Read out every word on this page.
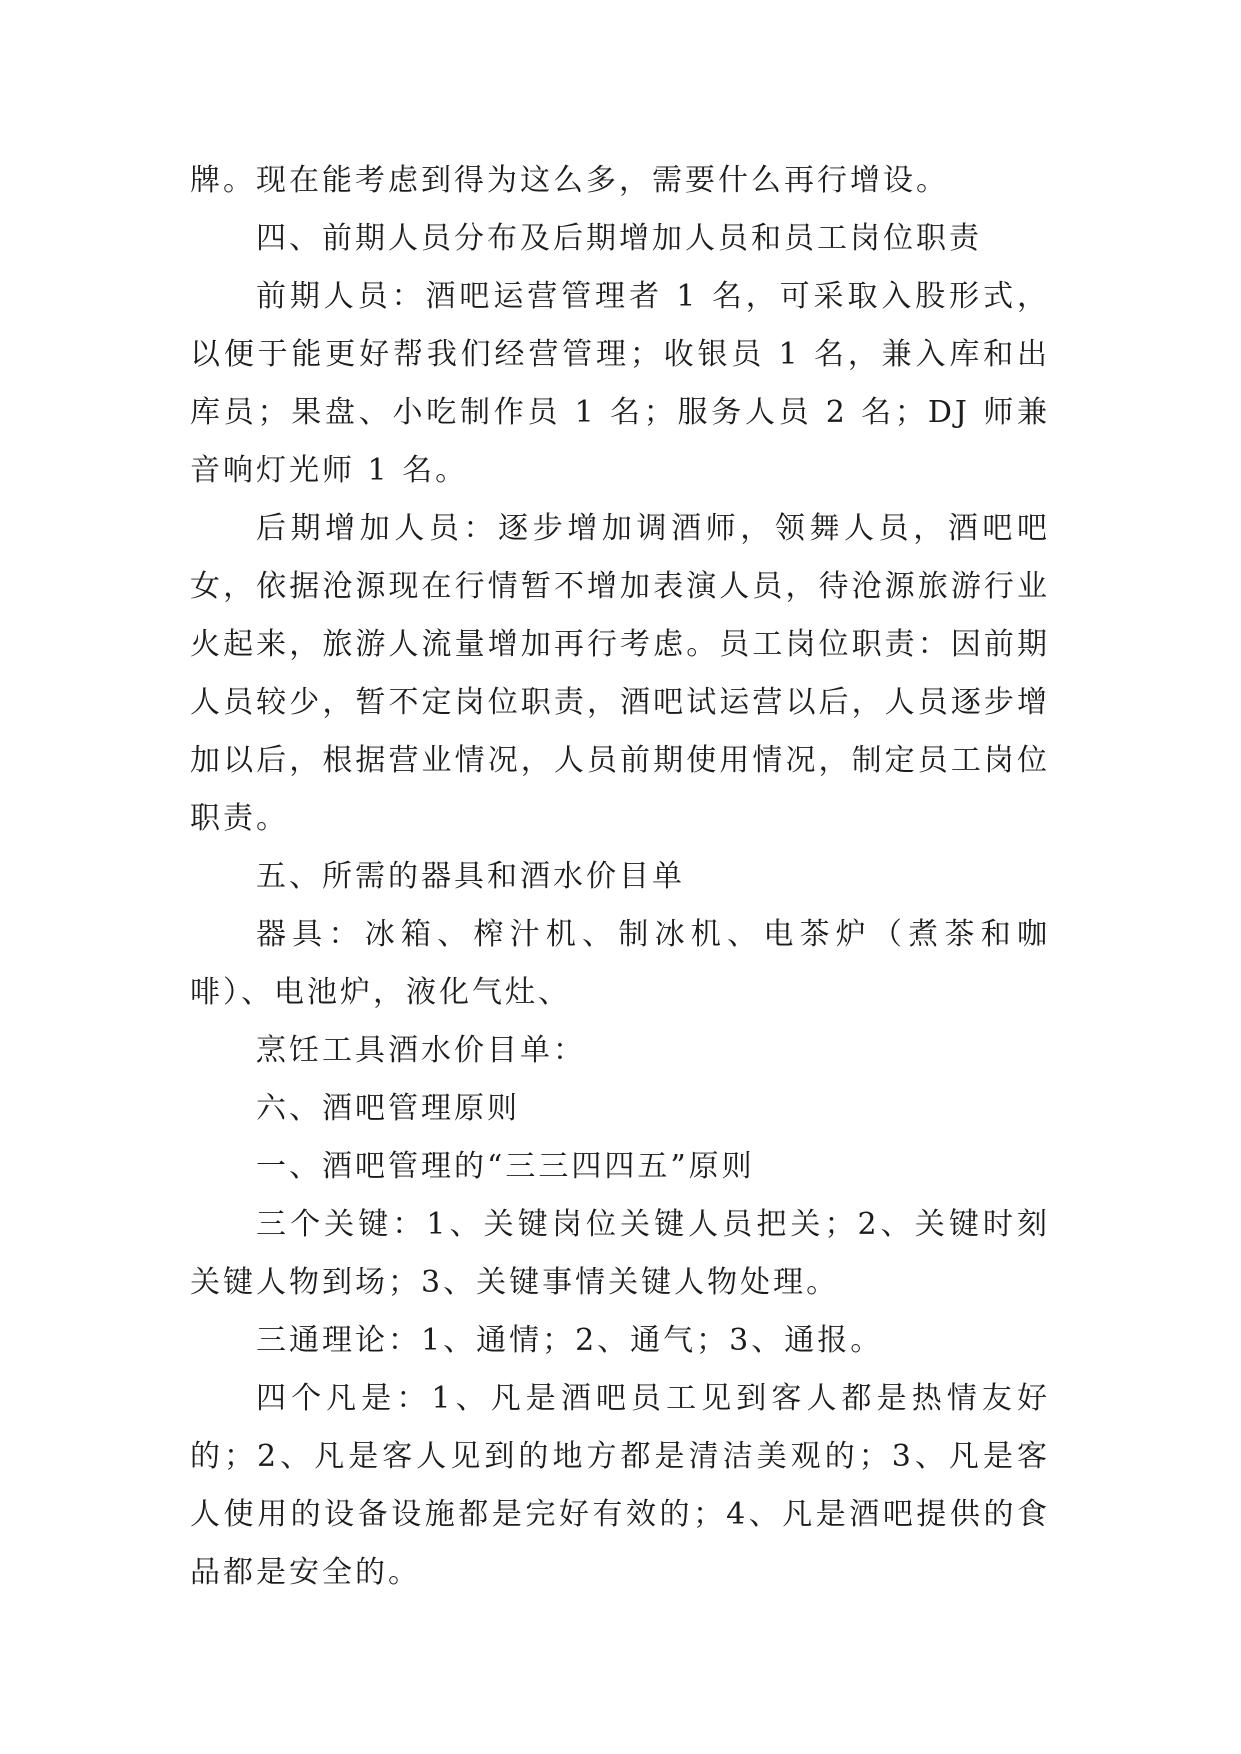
牌。现在能考虑到得为这么多，需要什么再行增设。

四、前期人员分布及后期增加人员和员工岗位职责

前期人员：酒吧运营管理者 1 名，可采取入股形式，以便于能更好帮我们经营管理；收银员 1 名，兼入库和出库员；果盘、小吃制作员 1 名；服务人员 2 名；DJ 师兼音响灯光师 1 名。

后期增加人员：逐步增加调酒师，领舞人员，酒吧吧女，依据沧源现在行情暂不增加表演人员，待沧源旅游行业火起来，旅游人流量增加再行考虑。员工岗位职责：因前期人员较少，暂不定岗位职责，酒吧试运营以后，人员逐步增加以后，根据营业情况，人员前期使用情况，制定员工岗位职责。

五、所需的器具和酒水价目单

器具：冰箱、榨汁机、制冰机、电茶炉（煮茶和咖啡）、电池炉，液化气灶、

烹饪工具酒水价目单：

六、酒吧管理原则

一、酒吧管理的“三三四四五”原则

三个关键：1、关键岗位关键人员把关；2、关键时刻关键人物到场；3、关键事情关键人物处理。

三通理论：1、通情；2、通气；3、通报。

四个凡是：1、凡是酒吧员工见到客人都是热情友好的；2、凡是客人见到的地方都是清洁美观的；3、凡是客人使用的设备设施都是完好有效的；4、凡是酒吧提供的食品都是安全的。
